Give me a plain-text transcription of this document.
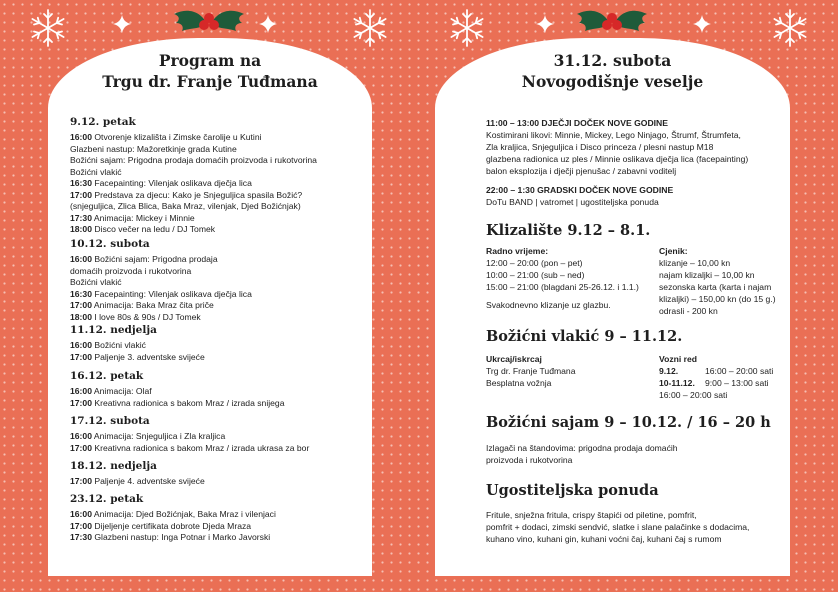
Program na
Trgu dr. Franje Tuđmana
31.12. subota
Novogodišnje veselje
9.12. petak
16:00 Otvorenje klizališta i Zimske čarolije u Kutini
Glazbeni nastup: Mažoretkinje grada Kutine
Božićni sajam: Prigodna prodaja domaćih proizvoda i rukotvorina
Božićni vlakić
16:30 Facepainting: Vilenjak oslikava dječja lica
17:00 Predstava za djecu: Kako je Snjeguljica spasila Božić?
(snjeguljica, Zlica Blica, Baka Mraz, vilenjak, Djed Božićnjak)
17:30 Animacija: Mickey i Minnie
18:00 Disco večer na ledu / DJ Tomek
10.12. subota
16:00 Božićni sajam: Prigodna prodaja
domaćih proizvoda i rukotvorina
Božićni vlakić
16:30 Facepainting: Vilenjak oslikava dječja lica
17:00 Animacija: Baka Mraz čita priče
18:00 I love 80s & 90s / DJ Tomek
11.12. nedjelja
16:00 Božićni vlakić
17:00 Paljenje 3. adventske svijeće
16.12. petak
16:00 Animacija: Olaf
17:00 Kreativna radionica s bakom Mraz / izrada snijega
17.12. subota
16:00 Animacija: Snjeguljica i Zla kraljica
17:00 Kreativna radionica s bakom Mraz / izrada ukrasa za bor
18.12. nedjelja
17:00 Paljenje 4. adventske svijeće
23.12. petak
16:00 Animacija: Djed Božićnjak, Baka Mraz i vilenjaci
17:00 Dijeljenje certifikata dobrote Djeda Mraza
17:30 Glazbeni nastup: Inga Potnar i Marko Javorski
11:00 – 13:00 DJEČJI DOČEK NOVE GODINE
Kostimirani likovi: Minnie, Mickey, Lego Ninjago, Štrumf, Štrumfeta,
Zla kraljica, Snjeguljica i Disco princeza / plesni nastup M18
glazbena radionica uz ples / Minnie oslikava dječja lica (facepainting)
balon eksplozija i dječji pjenušac / zabavni voditelj
22:00 – 1:30 GRADSKI DOČEK NOVE GODINE
DoTu BAND | vatromet | ugostiteljska ponuda
Klizalište 9.12 – 8.1.
Radno vrijeme:
12:00 – 20:00 (pon – pet)
10:00 – 21:00 (sub – ned)
15:00 – 21:00 (blagdani 25-26.12. i 1.1.)
Svakodnevno klizanje uz glazbu.
Cjenik:
klizanje – 10,00 kn
najam klizaljki – 10,00 kn
sezonska karta (karta i najam
klizaljki) – 150,00 kn (do 15 g.)
odrasli - 200 kn
Božićni vlakić 9 – 11.12.
Ukrcaj/iskrcaj
Trg dr. Franje Tuđmana
Besplatna vožnja
Vozni red
9.12.	16:00 – 20:00 sati
10-11.12. 9:00 – 13:00 sati
16:00 – 20:00 sati
Božićni sajam 9 – 10.12. / 16 – 20 h
Izlagači na štandovima: prigodna prodaja domaćih
proizvoda i rukotvorina
Ugostiteljska ponuda
Fritule, snježna fritula, crispy štapići od piletine, pomfrit,
pomfrit + dodaci, zimski sendvić, slatke i slane palačinke s dodacima,
kuhano vino, kuhani gin, kuhani voćni čaj, kuhani čaj s rumom
